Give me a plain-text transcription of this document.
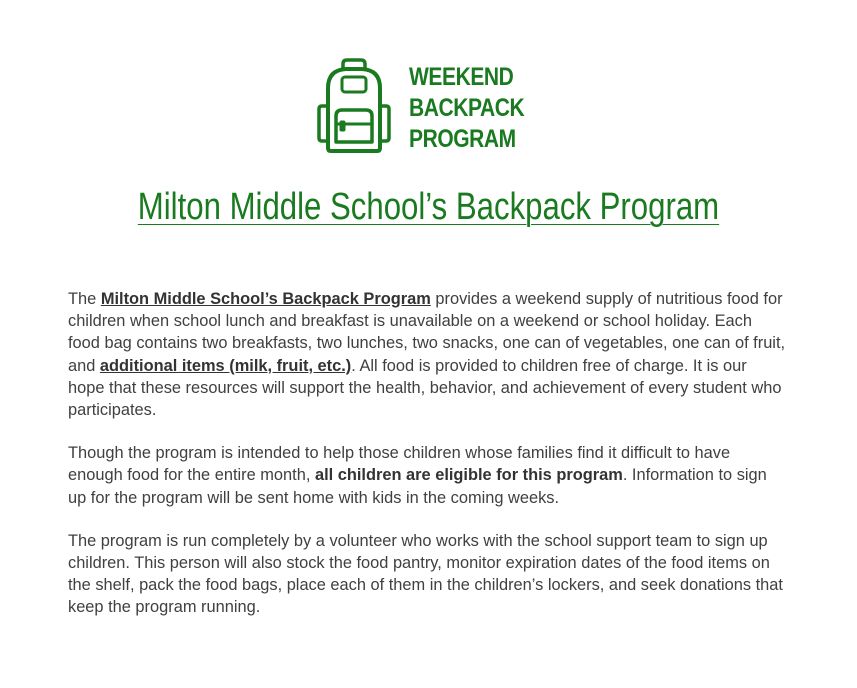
WEEKEND
BACKPACK
PROGRAM
Milton Middle School’s Backpack Program

The Milton Middle School’s Backpack Program provides a weekend supply of nutritious food for children when school lunch and breakfast is unavailable on a weekend or school holiday. Each food bag contains two breakfasts, two lunches, two snacks, one can of vegetables, one can of fruit, and additional items (milk, fruit, etc.). All food is provided to children free of charge. It is our hope that these resources will support the health, behavior, and achievement of every student who participates.

Though the program is intended to help those children whose families find it difficult to have enough food for the entire month, all children are eligible for this program. Information to sign up for the program will be sent home with kids in the coming weeks.

The program is run completely by a volunteer who works with the school support team to sign up children. This person will also stock the food pantry, monitor expiration dates of the food items on the shelf, pack the food bags, place each of them in the children’s lockers, and seek donations that keep the program running.
